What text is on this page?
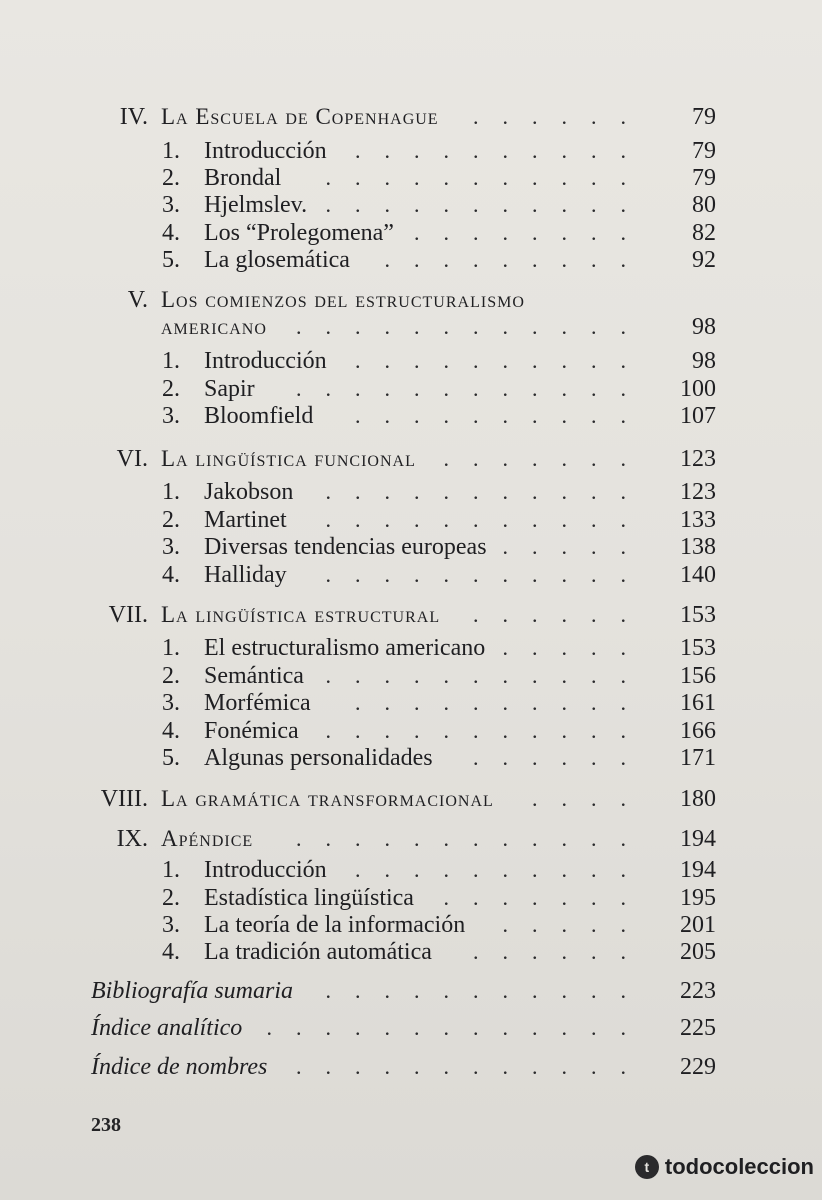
IV. La Escuela de Copenhague	......	79
1. Introducción	..........	79
2. Brondal	...........	79
3. Hjelmslev. ...........	80
4. Los “Prolegomena” ........	82
5. La glosemática	.........	92
V. Los comienzos del estructuralismo
americano	............	98
1. Introducción	..........	98
2. Sapir	............	100
3. Bloomfield	..........	107
VI. La lingüística funcional	.......	123
1. Jakobson	...........	123
2. Martinet	...........	133
3. Diversas tendencias europeas .....	138
4. Halliday	...........	140
VII. La lingüística estructural	......	153
1. El estructuralismo americano .....	153
2. Semántica ...........	156
3. Morfémica	..........	161
4. Fonémica	...........	166
5. Algunas personalidades	......	171
VIII. La gramática transformacional	....	180
IX. Apéndice	............	194
1. Introducción	..........	194
2. Estadística lingüística	.......	195
3. La teoría de la información	.....	201
4. La tradición automática	......	205
Bibliografía sumaria	...........	223
Índice analítico	.............	225
Índice de nombres	............	229
238
t todocoleccion
